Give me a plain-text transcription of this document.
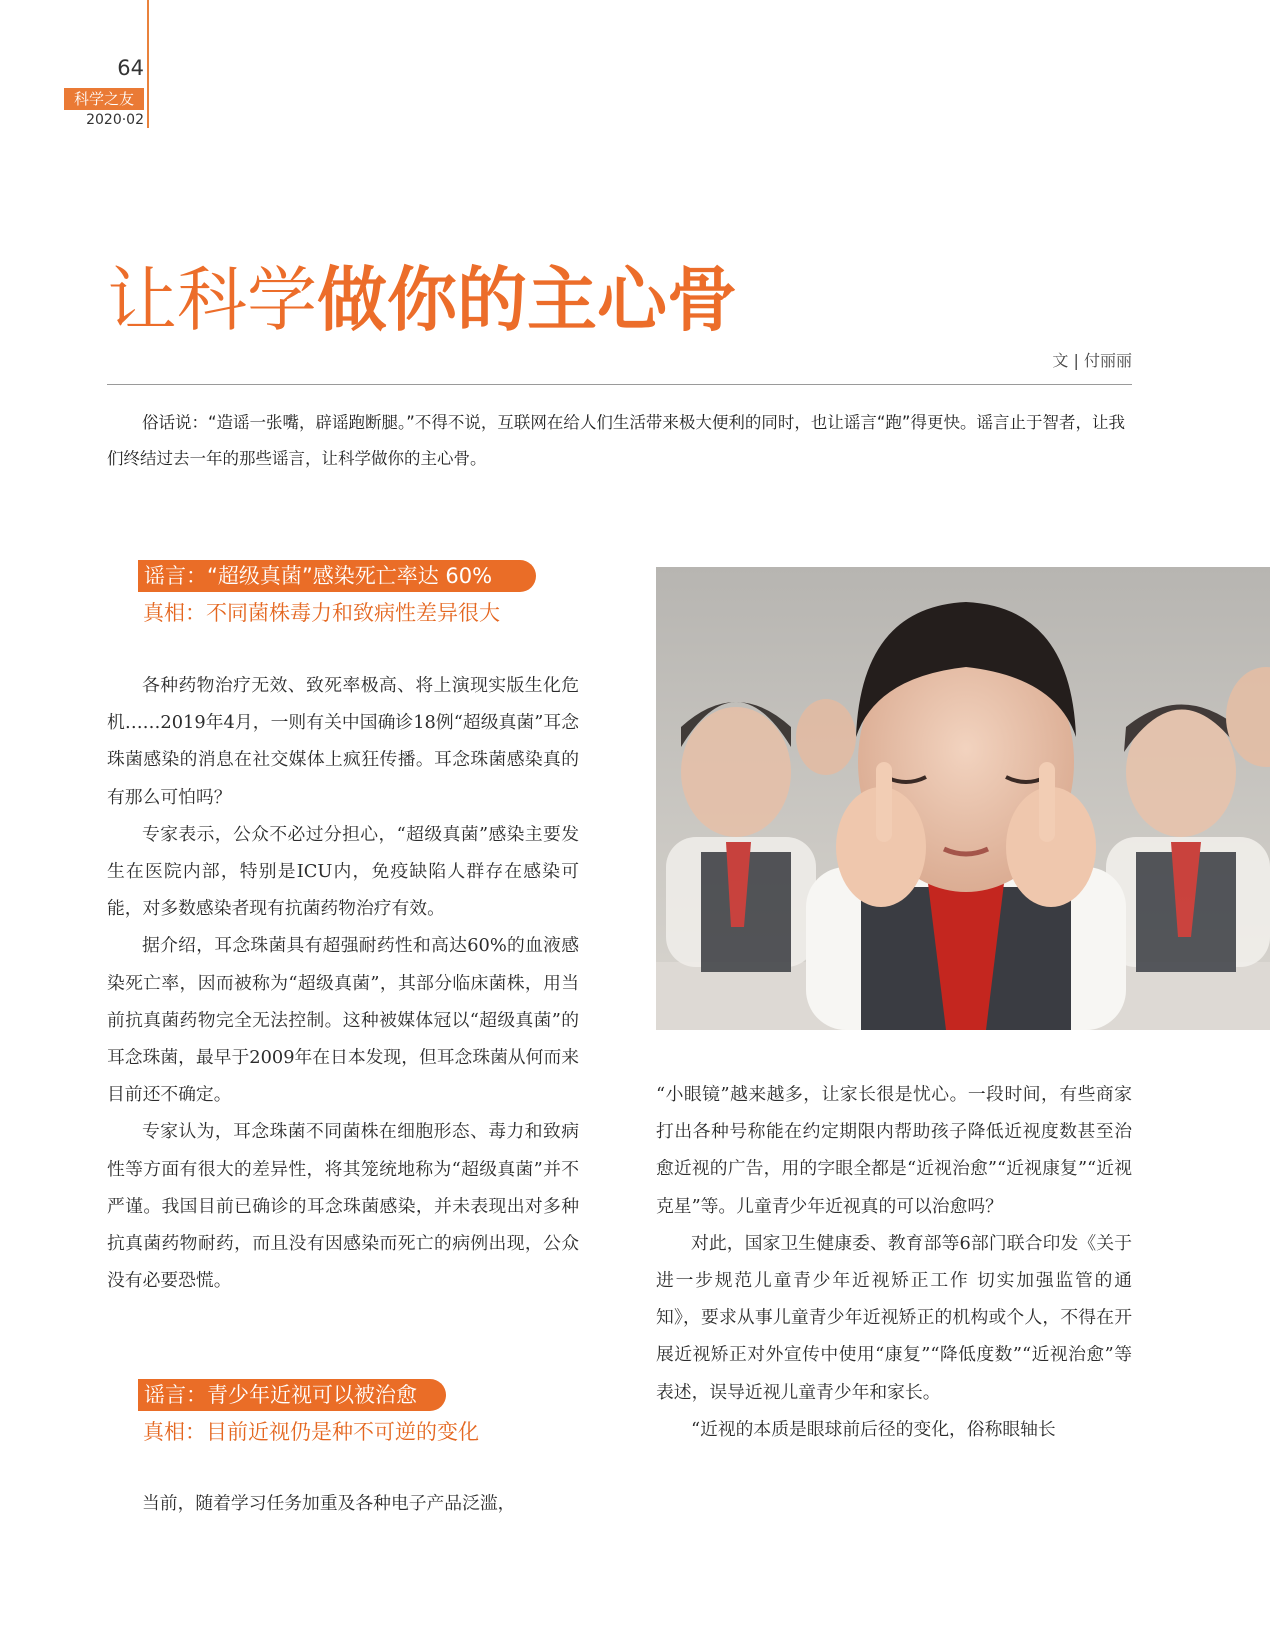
64
科学之友
2020·02
让科学做你的主心骨
文 | 付丽丽

俗话说：“造谣一张嘴，辟谣跑断腿。”不得不说，互联网在给人们生活带来极大便利的同时，也让谣言“跑”得更快。谣言止于智者，让我们终结过去一年的那些谣言，让科学做你的主心骨。

谣言：“超级真菌”感染死亡率达 60%
真相：不同菌株毒力和致病性差异很大

各种药物治疗无效、致死率极高、将上演现实版生化危机……2019年4月，一则有关中国确诊18例“超级真菌”耳念珠菌感染的消息在社交媒体上疯狂传播。耳念珠菌感染真的有那么可怕吗？

专家表示，公众不必过分担心，“超级真菌”感染主要发生在医院内部，特别是ICU内，免疫缺陷人群存在感染可能，对多数感染者现有抗菌药物治疗有效。

据介绍，耳念珠菌具有超强耐药性和高达60%的血液感染死亡率，因而被称为“超级真菌”，其部分临床菌株，用当前抗真菌药物完全无法控制。这种被媒体冠以“超级真菌”的耳念珠菌，最早于2009年在日本发现，但耳念珠菌从何而来目前还不确定。

专家认为，耳念珠菌不同菌株在细胞形态、毒力和致病性等方面有很大的差异性，将其笼统地称为“超级真菌”并不严谨。我国目前已确诊的耳念珠菌感染，并未表现出对多种抗真菌药物耐药，而且没有因感染而死亡的病例出现，公众没有必要恐慌。

谣言：青少年近视可以被治愈
真相：目前近视仍是种不可逆的变化

当前，随着学习任务加重及各种电子产品泛滥，

“小眼镜”越来越多，让家长很是忧心。一段时间，有些商家打出各种号称能在约定期限内帮助孩子降低近视度数甚至治愈近视的广告，用的字眼全都是“近视治愈”“近视康复”“近视克星”等。儿童青少年近视真的可以治愈吗？

对此，国家卫生健康委、教育部等6部门联合印发《关于进一步规范儿童青少年近视矫正工作 切实加强监管的通知》，要求从事儿童青少年近视矫正的机构或个人，不得在开展近视矫正对外宣传中使用“康复”“降低度数”“近视治愈”等表述，误导近视儿童青少年和家长。

“近视的本质是眼球前后径的变化，俗称眼轴长
